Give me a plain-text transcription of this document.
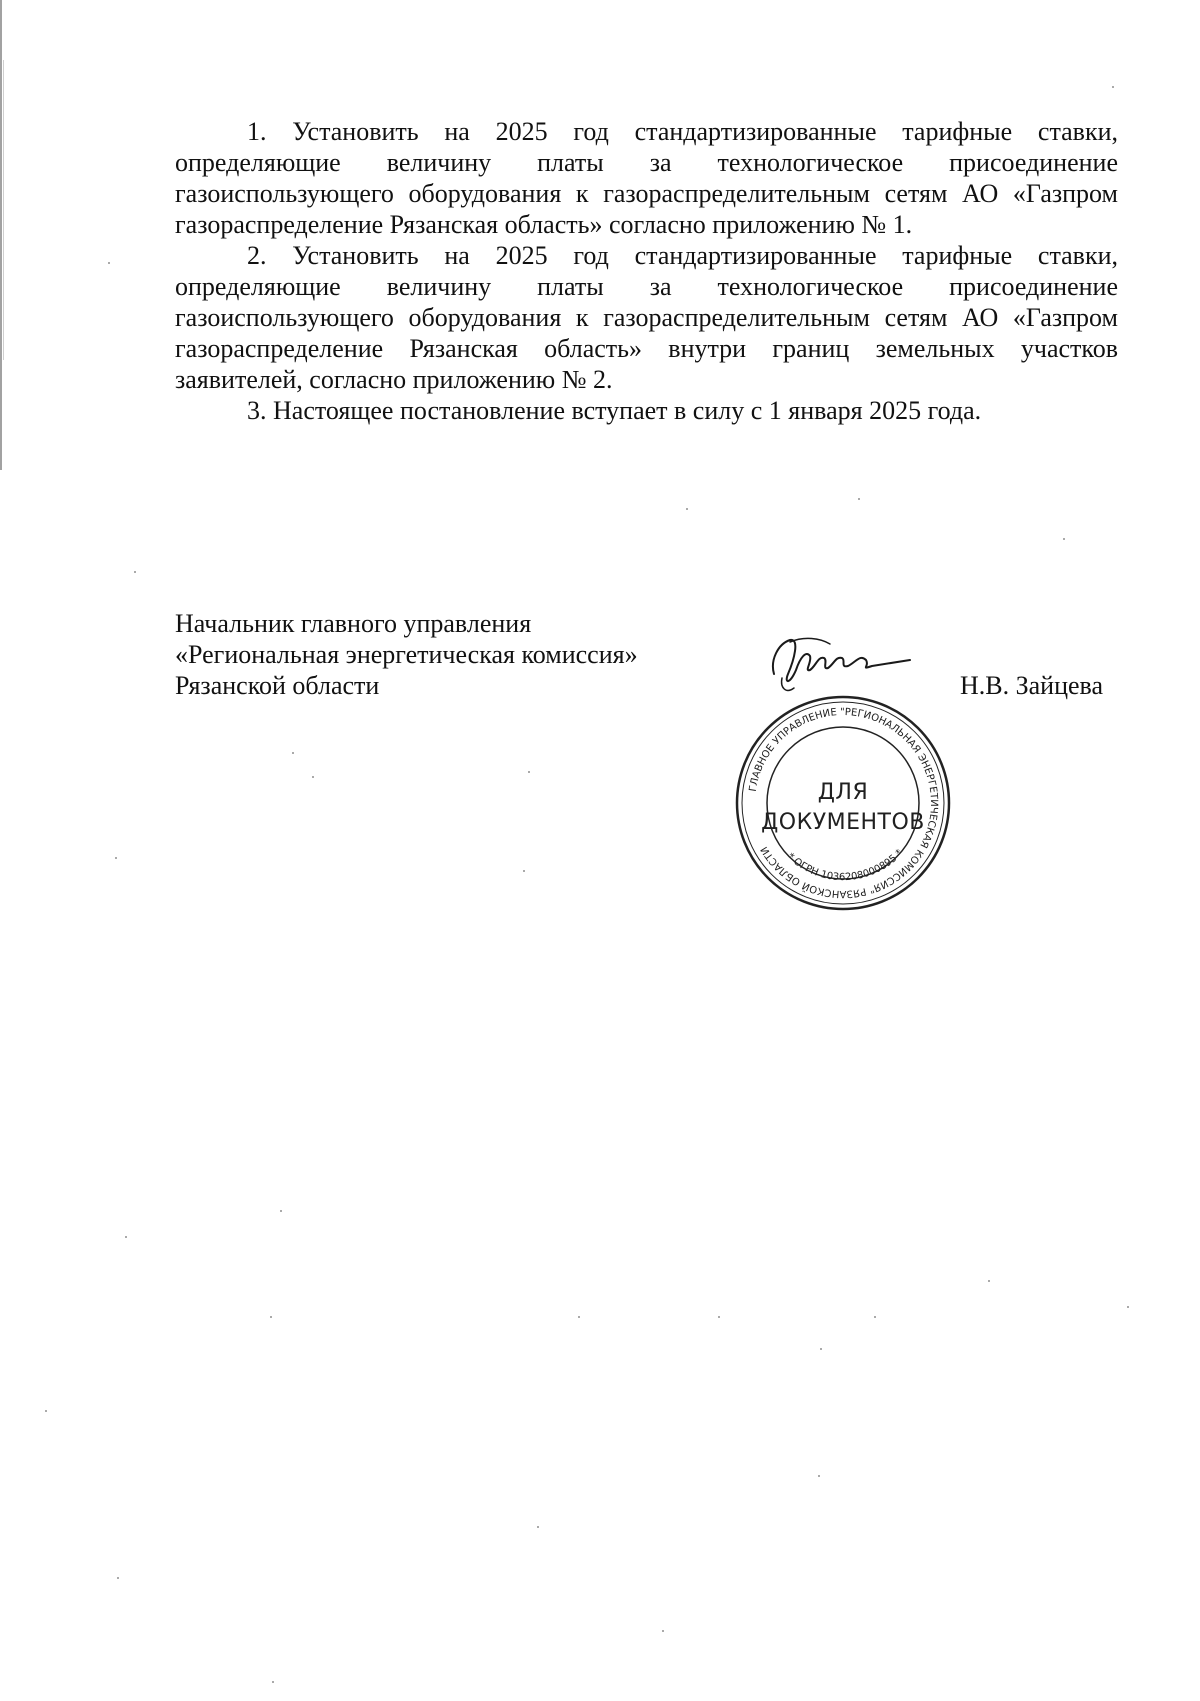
1. Установить на 2025 год стандартизированные тарифные ставки, определяющие величину платы за технологическое присоединение газоиспользующего оборудования к газораспределительным сетям АО «Газпром газораспределение Рязанская область» согласно приложению № 1.

2. Установить на 2025 год стандартизированные тарифные ставки, определяющие величину платы за технологическое присоединение газоиспользующего оборудования к газораспределительным сетям АО «Газпром газораспределение Рязанская область» внутри границ земельных участков заявителей, согласно приложению № 2.

3. Настоящее постановление вступает в силу с 1 января 2025 года.

Начальник главного управления
«Региональная энергетическая комиссия»
Рязанской области	Н.В. Зайцева
ГЛАВНОЕ УПРАВЛЕНИЕ "РЕГИОНАЛЬНАЯ ЭНЕРГЕТИЧЕСКАЯ КОМИССИЯ" РЯЗАНСКОЙ ОБЛАСТИ
* ОГРН 1036208000895 *
ДЛЯ
ДОКУМЕНТОВ
